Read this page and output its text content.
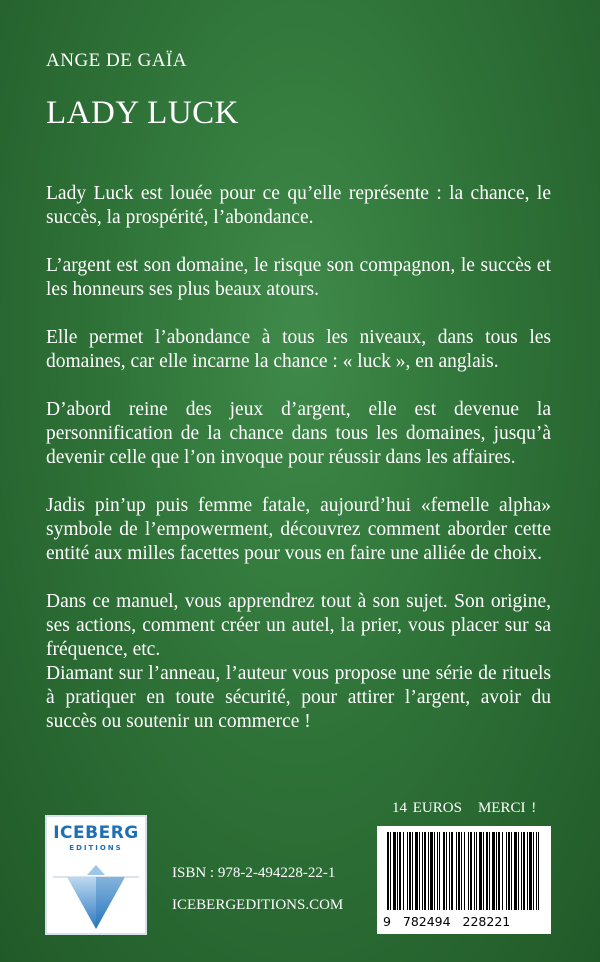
ANGE DE GAÏA
LADY LUCK

Lady Luck est louée pour ce qu’elle représente : la chance, le succès, la prospérité, l’abondance.

L’argent est son domaine, le risque son compagnon, le succès et les honneurs ses plus beaux atours.

Elle permet l’abondance à tous les niveaux, dans tous les domaines, car elle incarne la chance : « luck », en anglais.

D’abord reine des jeux d’argent, elle est devenue la personnification de la chance dans tous les domaines, jusqu’à devenir celle que l’on invoque pour réussir dans les affaires.

Jadis pin’up puis femme fatale, aujourd’hui «femelle alpha» symbole de l’empowerment, découvrez comment aborder cette entité aux milles facettes pour vous en faire une alliée de choix.

Dans ce manuel, vous apprendrez tout à son sujet. Son origine, ses actions, comment créer un autel, la prier, vous placer sur sa fréquence, etc.

Diamant sur l’anneau, l’auteur vous propose une série de rituels à pratiquer en toute sécurité, pour attirer l’argent, avoir du succès ou soutenir un commerce !

14 EUROS MERCI !
ICEBERG
EDITIONS
ISBN : 978-2-494228-22-1
ICEBERGEDITIONS.COM
9   782494   228221
